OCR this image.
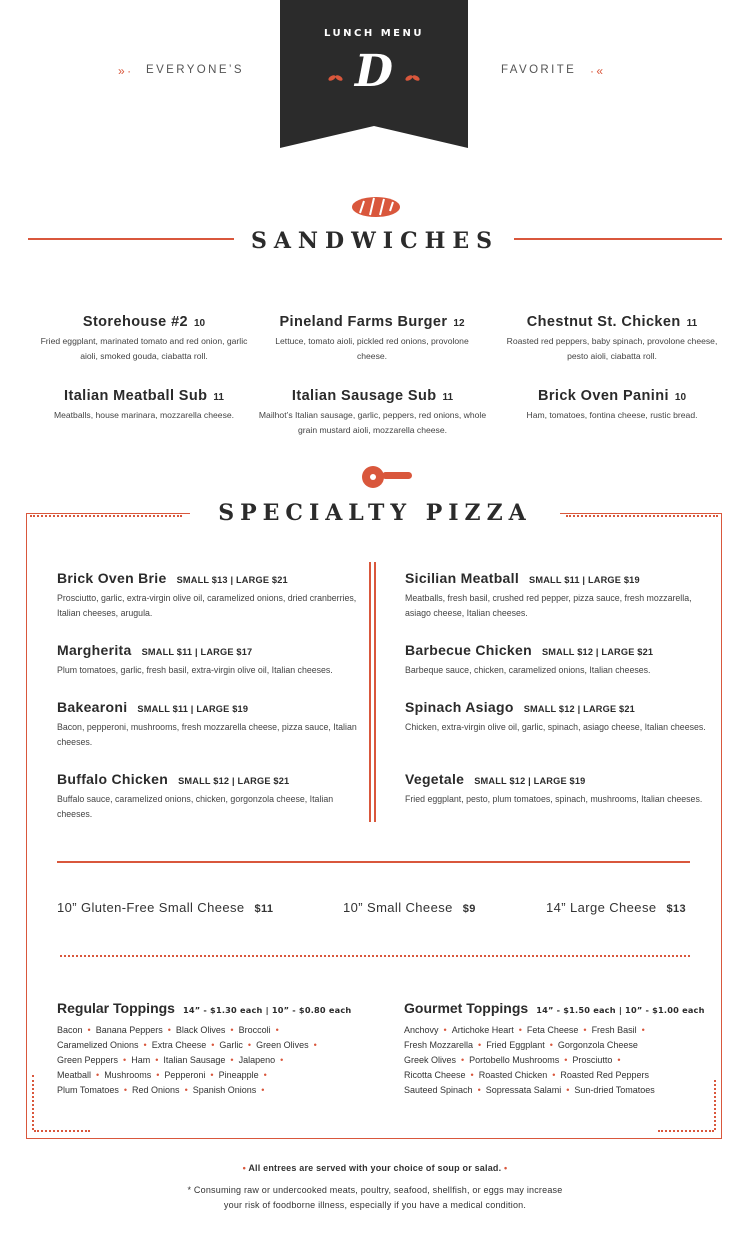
LUNCH MENU
D
»· EVERYONE’S	FAVORITE ·«
SANDWICHES
Storehouse #2 10
Fried eggplant, marinated tomato and red onion, garlic aioli, smoked gouda, ciabatta roll.
Pineland Farms Burger 12
Lettuce, tomato aioli, pickled red onions, provolone cheese.
Chestnut St. Chicken 11
Roasted red peppers, baby spinach, provolone cheese, pesto aioli, ciabatta roll.
Italian Meatball Sub 11
Meatballs, house marinara, mozzarella cheese.
Italian Sausage Sub 11
Mailhot’s Italian sausage, garlic, peppers, red onions, whole grain mustard aioli, mozzarella cheese.
Brick Oven Panini 10
Ham, tomatoes, fontina cheese, rustic bread.
SPECIALTY PIZZA
Brick Oven Brie SMALL $13 | LARGE $21
Prosciutto, garlic, extra-virgin olive oil, caramelized onions, dried cranberries, Italian cheeses, arugula.
Margherita SMALL $11 | LARGE $17
Plum tomatoes, garlic, fresh basil, extra-virgin olive oil, Italian cheeses.
Bakearoni SMALL $11 | LARGE $19
Bacon, pepperoni, mushrooms, fresh mozzarella cheese, pizza sauce, Italian cheeses.
Buffalo Chicken SMALL $12 | LARGE $21
Buffalo sauce, caramelized onions, chicken, gorgonzola cheese, Italian cheeses.
Sicilian Meatball SMALL $11 | LARGE $19
Meatballs, fresh basil, crushed red pepper, pizza sauce, fresh mozzarella, asiago cheese, Italian cheeses.
Barbecue Chicken SMALL $12 | LARGE $21
Barbeque sauce, chicken, caramelized onions, Italian cheeses.
Spinach Asiago SMALL $12 | LARGE $21
Chicken, extra-virgin olive oil, garlic, spinach, asiago cheese, Italian cheeses.
Vegetale SMALL $12 | LARGE $19
Fried eggplant, pesto, plum tomatoes, spinach, mushrooms, Italian cheeses.
10” Gluten-Free Small Cheese $11	10” Small Cheese $9	14” Large Cheese $13
Regular Toppings 14” - $1.30 each | 10” - $0.80 each
Bacon • Banana Peppers • Black Olives • Broccoli •
Caramelized Onions • Extra Cheese • Garlic • Green Olives •
Green Peppers • Ham • Italian Sausage • Jalapeno •
Meatball • Mushrooms • Pepperoni • Pineapple •
Plum Tomatoes • Red Onions • Spanish Onions •
Gourmet Toppings 14” - $1.50 each | 10” - $1.00 each
Anchovy • Artichoke Heart • Feta Cheese • Fresh Basil •
Fresh Mozzarella • Fried Eggplant • Gorgonzola Cheese
Greek Olives • Portobello Mushrooms • Prosciutto •
Ricotta Cheese • Roasted Chicken • Roasted Red Peppers
Sauteed Spinach • Sopressata Salami • Sun-dried Tomatoes
• All entrees are served with your choice of soup or salad. •
* Consuming raw or undercooked meats, poultry, seafood, shellfish, or eggs may increase
your risk of foodborne illness, especially if you have a medical condition.
